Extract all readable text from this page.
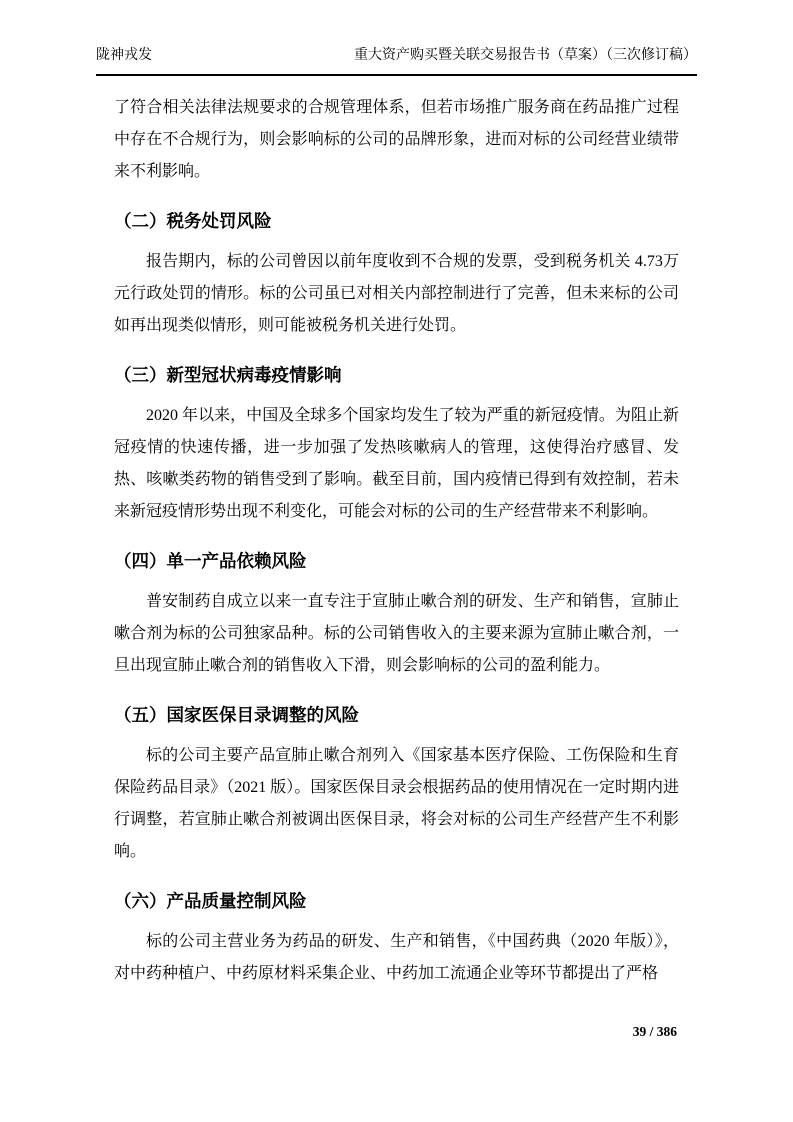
陇神戎发	重大资产购买暨关联交易报告书（草案）（三次修订稿）

了符合相关法律法规要求的合规管理体系，但若市场推广服务商在药品推广过程中存在不合规行为，则会影响标的公司的品牌形象，进而对标的公司经营业绩带来不利影响。

（二）税务处罚风险

报告期内，标的公司曾因以前年度收到不合规的发票，受到税务机关 4.73万元行政处罚的情形。标的公司虽已对相关内部控制进行了完善，但未来标的公司如再出现类似情形，则可能被税务机关进行处罚。

（三）新型冠状病毒疫情影响

2020 年以来，中国及全球多个国家均发生了较为严重的新冠疫情。为阻止新冠疫情的快速传播，进一步加强了发热咳嗽病人的管理，这使得治疗感冒、发热、咳嗽类药物的销售受到了影响。截至目前，国内疫情已得到有效控制，若未来新冠疫情形势出现不利变化，可能会对标的公司的生产经营带来不利影响。

（四）单一产品依赖风险

普安制药自成立以来一直专注于宣肺止嗽合剂的研发、生产和销售，宣肺止嗽合剂为标的公司独家品种。标的公司销售收入的主要来源为宣肺止嗽合剂，一旦出现宣肺止嗽合剂的销售收入下滑，则会影响标的公司的盈利能力。

（五）国家医保目录调整的风险

标的公司主要产品宣肺止嗽合剂列入《国家基本医疗保险、工伤保险和生育保险药品目录》（2021 版）。国家医保目录会根据药品的使用情况在一定时期内进行调整，若宣肺止嗽合剂被调出医保目录，将会对标的公司生产经营产生不利影响。

（六）产品质量控制风险

标的公司主营业务为药品的研发、生产和销售，《中国药典（2020 年版）》，对中药种植户、中药原材料采集企业、中药加工流通企业等环节都提出了严格

39 / 386
